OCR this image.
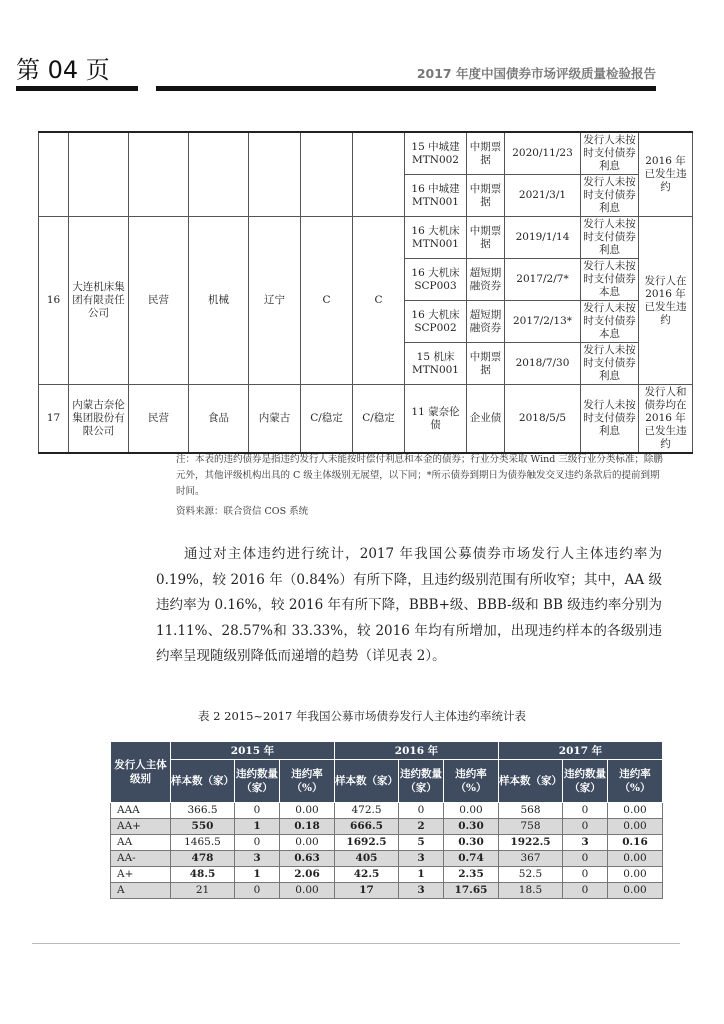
第 04 页	2017 年度中国债券市场评级质量检验报告
							15 中城建 MTN002	中期票据	2020/11/23	发行人未按时支付债券利息	2016 年已发生违约
							16 中城建 MTN001	中期票据	2021/3/1	发行人未按时支付债券利息	
16	大连机床集团有限责任公司	民营	机械	辽宁	C	C	16 大机床 MTN001	中期票据	2019/1/14	发行人未按时支付债券利息	发行人在 2016 年已发生违约
							16 大机床 SCP003	超短期融资券	2017/2/7*	发行人未按时支付债券本息	
							16 大机床 SCP002	超短期融资券	2017/2/13*	发行人未按时支付债券本息	
							15 机床 MTN001	中期票据	2018/7/30	发行人未按时支付债券利息	
17	内蒙古奈伦集团股份有限公司	民营	食品	内蒙古	C/稳定	C/稳定	11 蒙奈伦债	企业债	2018/5/5	发行人未按时支付债券利息	发行人和债券均在 2016 年已发生违约
注：本表的违约债券是指违约发行人未能按时偿付利息和本金的债券；行业分类采取 Wind 三级行业分类标准；除鹏元外，其他评级机构出具的 C 级主体级别无展望，以下同；*所示债券到期日为债券触发交叉违约条款后的提前到期时间。
资料来源：联合资信 COS 系统
通过对主体违约进行统计，2017 年我国公募债券市场发行人主体违约率为 0.19%，较 2016 年（0.84%）有所下降，且违约级别范围有所收窄；其中，AA 级违约率为 0.16%，较 2016 年有所下降，BBB+级、BBB-级和 BB 级违约率分别为 11.11%、28.57%和 33.33%，较 2016 年均有所增加，出现违约样本的各级别违约率呈现随级别降低而递增的趋势（详见表 2）。
表 2 2015~2017 年我国公募市场债券发行人主体违约率统计表
发行人主体级别	2015 年			2016 年			2017 年		
	样本数（家）	违约数量（家）	违约率（%）	样本数（家）	违约数量（家）	违约率（%）	样本数（家）	违约数量（家）	违约率（%）
AAA	366.5	0	0.00	472.5	0	0.00	568	0	0.00
AA+	550	1	0.18	666.5	2	0.30	758	0	0.00
AA	1465.5	0	0.00	1692.5	5	0.30	1922.5	3	0.16
AA-	478	3	0.63	405	3	0.74	367	0	0.00
A+	48.5	1	2.06	42.5	1	2.35	52.5	0	0.00
A	21	0	0.00	17	3	17.65	18.5	0	0.00
